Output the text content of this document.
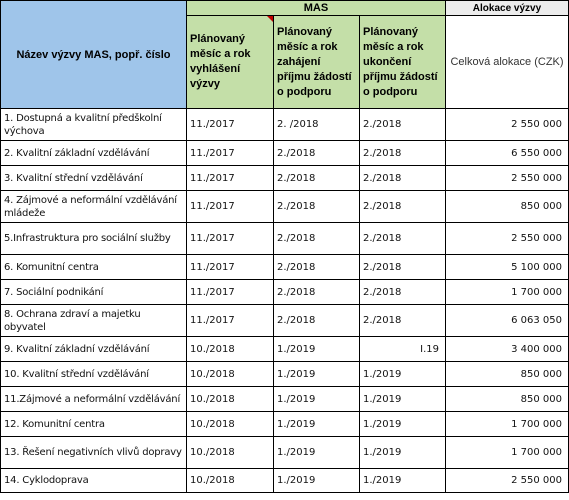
Název výzvy MAS, popř. číslo	MAS			Alokace výzvy
	Plánovaný měsíc a rok vyhlášení výzvy	Plánovaný měsíc a rok zahájení příjmu žádostí o podporu	Plánovaný měsíc a rok ukončení příjmu žádostí o podporu	Celková alokace (CZK)
1. Dostupná a kvalitní předškolní výchova	11./2017	2. /2018	2./2018	2 550 000
2. Kvalitní základní vzdělávání	11./2017	2./2018	2./2018	6 550 000
3. Kvalitní střední vzdělávání	11./2017	2./2018	2./2018	2 550 000
4. Zájmové a neformální vzdělávání mládeže	11./2017	2./2018	2./2018	850 000
5.Infrastruktura pro sociální služby	11./2017	2./2018	2./2018	2 550 000
6. Komunitní centra	11./2017	2./2018	2./2018	5 100 000
7. Sociální podnikání	11./2017	2./2018	2./2018	1 700 000
8. Ochrana zdraví a majetku obyvatel	11./2017	2./2018	2./2018	6 063 050
9. Kvalitní základní vzdělávání	10./2018	1./2019	I.19	3 400 000
10. Kvalitní střední vzdělávání	10./2018	1./2019	1./2019	850 000
11.Zájmové a neformální vzdělávání	10./2018	1./2019	1./2019	850 000
12. Komunitní centra	10./2018	1./2019	1./2019	1 700 000
13. Řešení negativních vlivů dopravy	10./2018	1./2019	1./2019	1 700 000
14. Cyklodoprava	10./2018	1./2019	1./2019	2 550 000
